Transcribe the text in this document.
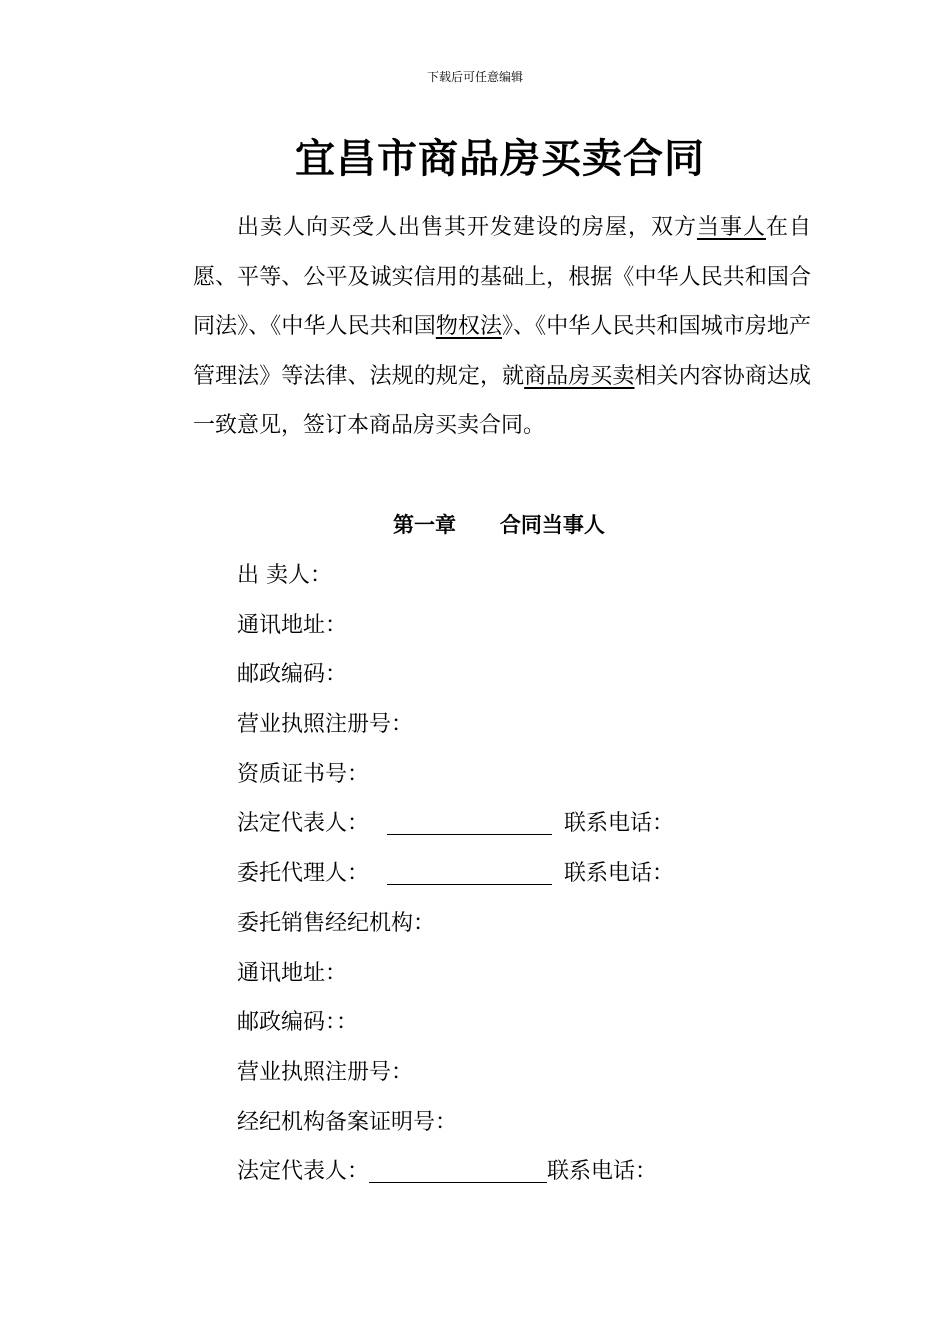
下载后可任意编辑
宜昌市商品房买卖合同
出卖人向买受人出售其开发建设的房屋，双方当事人在自愿、平等、公平及诚实信用的基础上，根据《中华人民共和国合同法》、《中华人民共和国物权法》、《中华人民共和国城市房地产管理法》等法律、法规的规定，就商品房买卖相关内容协商达成一致意见，签订本商品房买卖合同。
第一章 合同当事人
出 卖人：
通讯地址：
邮政编码：
营业执照注册号：
资质证书号：
法定代表人：	联系电话：
委托代理人：	联系电话：
委托销售经纪机构：
通讯地址：
邮政编码：：
营业执照注册号：
经纪机构备案证明号：
法定代表人：	联系电话：
